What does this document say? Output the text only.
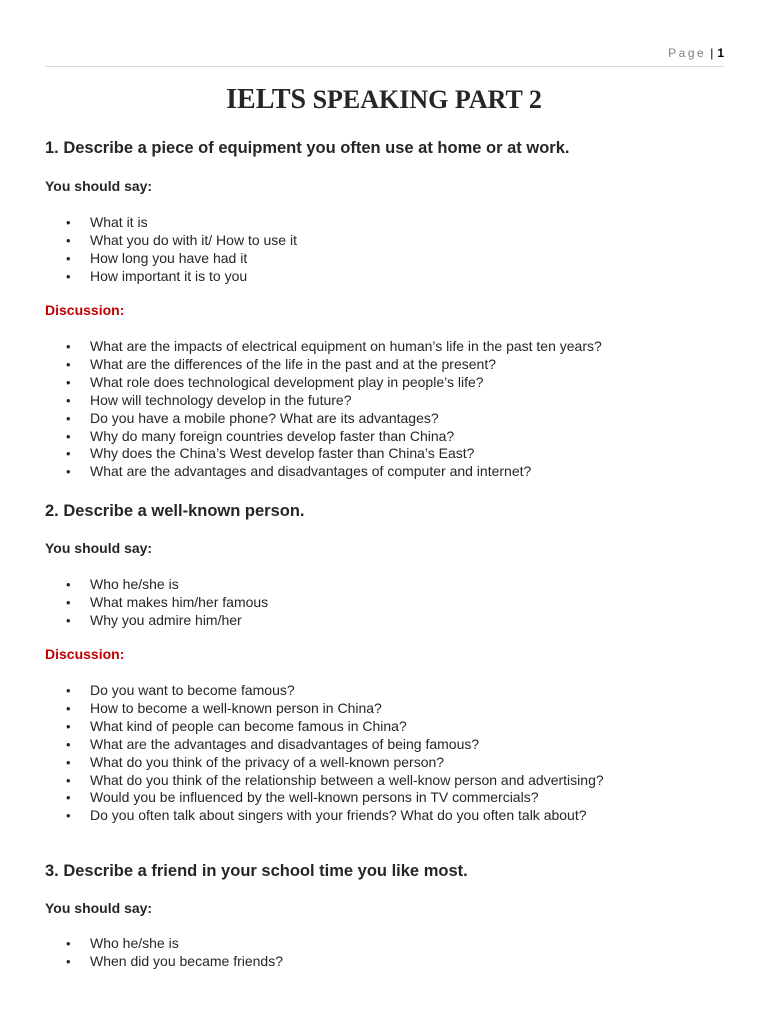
Page | 1
IELTS SPEAKING PART 2
1. Describe a piece of equipment you often use at home or at work.
You should say:
• What it is
• What you do with it/ How to use it
• How long you have had it
• How important it is to you
Discussion:
• What are the impacts of electrical equipment on human’s life in the past ten years?
• What are the differences of the life in the past and at the present?
• What role does technological development play in people’s life?
• How will technology develop in the future?
• Do you have a mobile phone? What are its advantages?
• Why do many foreign countries develop faster than China?
• Why does the China’s West develop faster than China’s East?
• What are the advantages and disadvantages of computer and internet?
2. Describe a well-known person.
You should say:
• Who he/she is
• What makes him/her famous
• Why you admire him/her
Discussion:
• Do you want to become famous?
• How to become a well-known person in China?
• What kind of people can become famous in China?
• What are the advantages and disadvantages of being famous?
• What do you think of the privacy of a well-known person?
• What do you think of the relationship between a well-know person and advertising?
• Would you be influenced by the well-known persons in TV commercials?
• Do you often talk about singers with your friends? What do you often talk about?
3. Describe a friend in your school time you like most.
You should say:
• Who he/she is
• When did you became friends?
